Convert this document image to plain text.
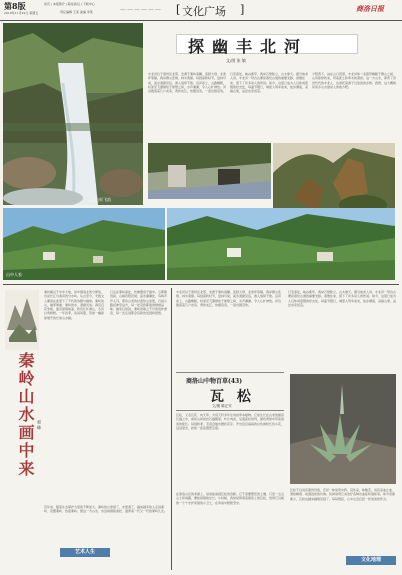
第8版
2019年11月22日 星期五
首页 | 本报简介 | 联系我们 | 下载中心
责任编辑 王某 美编 李某	—————— [ 文化广场 ]	商洛日报
山泉飞流
探幽丰北河
文/图 张 敏
丰北河位于商州区北部，发源于秦岭南麓，流经大荆、北宽坪等镇，两岸群山连绵，林木葱郁。每到深秋时节，层林尽染，溪水清澈见底，游人络绎不绝。沿河而上，山路蜿蜒，时而见飞瀑悬挂于崖壁之间，水声潺潺，令人心旷神怡。河边散落着几户农家，青砖灰瓦，炊烟袅袅，一派田园景象。
行至深处，峡谷渐窄，两岸石壁陡立，古木参天。据当地老人讲，丰北河一带自古便是商於古道的重要支脉，商旅往来，留下了许多动人的传说。如今，这里已成为人们休闲度假的好去处，每逢节假日，城里人驾车而来，徒步溯溪，采摘山果，品尝农家饭菜。
夕阳西下，站在山口回望，丰北河如一条银带蜿蜒于群山之间，山风徐徐吹来，带着泥土和草木的清香。这一方山水，养育了世世代代的丰北人，也寄托着游子们浓浓的乡愁。我想，这大概就是家乡山水最动人的地方吧。
山中人家
秦岭山水画中来 郭 峰
秦岭横亘于中华大地，是中国南北的分界线，也是长江与黄河的分水岭。从古至今，无数文人墨客在此留下了不朽的诗篇与画卷。秦岭的山，雄浑厚重；秦岭的水，清澈灵动。春有百花争艳，夏有绿荫如盖，秋有红叶满山，冬有白雪皑皑。一年四季，各具风姿，宛如一幅徐徐展开的长卷山水画。
行走在秦岭深处，仿佛置身于画中。云雾缭绕间，山峰若隐若现；溪水潺潺处，鸟鸣声声入耳。那些古老的村落依山而建，石板小路延伸至远方，每一处景致都值得细细品味。画家们常说，秦岭是取之不尽的创作源泉，每一次走进都会有新的发现和感悟。
近年来，随着生态保护力度的不断加大，秦岭的山更绿了，水更清了，越来越多的人走进秦岭、读懂秦岭、热爱秦岭。愿这一方山水，永远如画般美好，滋养着一代又一代的秦岭儿女。
艺术人生
丰北河位于商州区北部，发源于秦岭南麓，流经大荆、北宽坪等镇，两岸群山连绵，林木葱郁。每到深秋时节，层林尽染，溪水清澈见底，游人络绎不绝。沿河而上，山路蜿蜒，时而见飞瀑悬挂于崖壁之间，水声潺潺，令人心旷神怡。河边散落着几户农家，青砖灰瓦，炊烟袅袅，一派田园景象。
行至深处，峡谷渐窄，两岸石壁陡立，古木参天。据当地老人讲，丰北河一带自古便是商於古道的重要支脉，商旅往来，留下了许多动人的传说。如今，这里已成为人们休闲度假的好去处，每逢节假日，城里人驾车而来，徒步溯溪，采摘山果，品尝农家饭菜。
商洛山中物百草(43)
瓦 松
文/图 陈正安
瓦松，又名瓦花、向天草，为景天科多年生肉质草本植物。它常生长在古老的屋顶瓦缝之中，或是山间的岩石缝隙里。叶片肉质，呈莲座状排列，颜色青绿中带着淡淡的紫红。每到秋季，茎顶会抽出穗状花序，开出密密麻麻的白色或粉红色小花，远远望去，犹如一座座微型宝塔。
在商洛山区的老屋上，常常能看到瓦松的身影。它不需要肥沃的土壤，只需一点点尘土和雨露，便能顽强地生长。小时候，我常常仰望着屋顶上的瓦松，觉得它们就像一个个守护家园的小卫士，在风雨中默默坚守。
瓦松不仅具有观赏价值，还是一味常用中药。其性凉，味酸苦，具有凉血止血、清热解毒、收湿敛疮的功效。民间常用它来治疗各种出血症和湿疹等。如今老屋渐少，瓦松也越来越难见到了，每每想起，心中总会泛起一丝淡淡的怀念。
文化地理
